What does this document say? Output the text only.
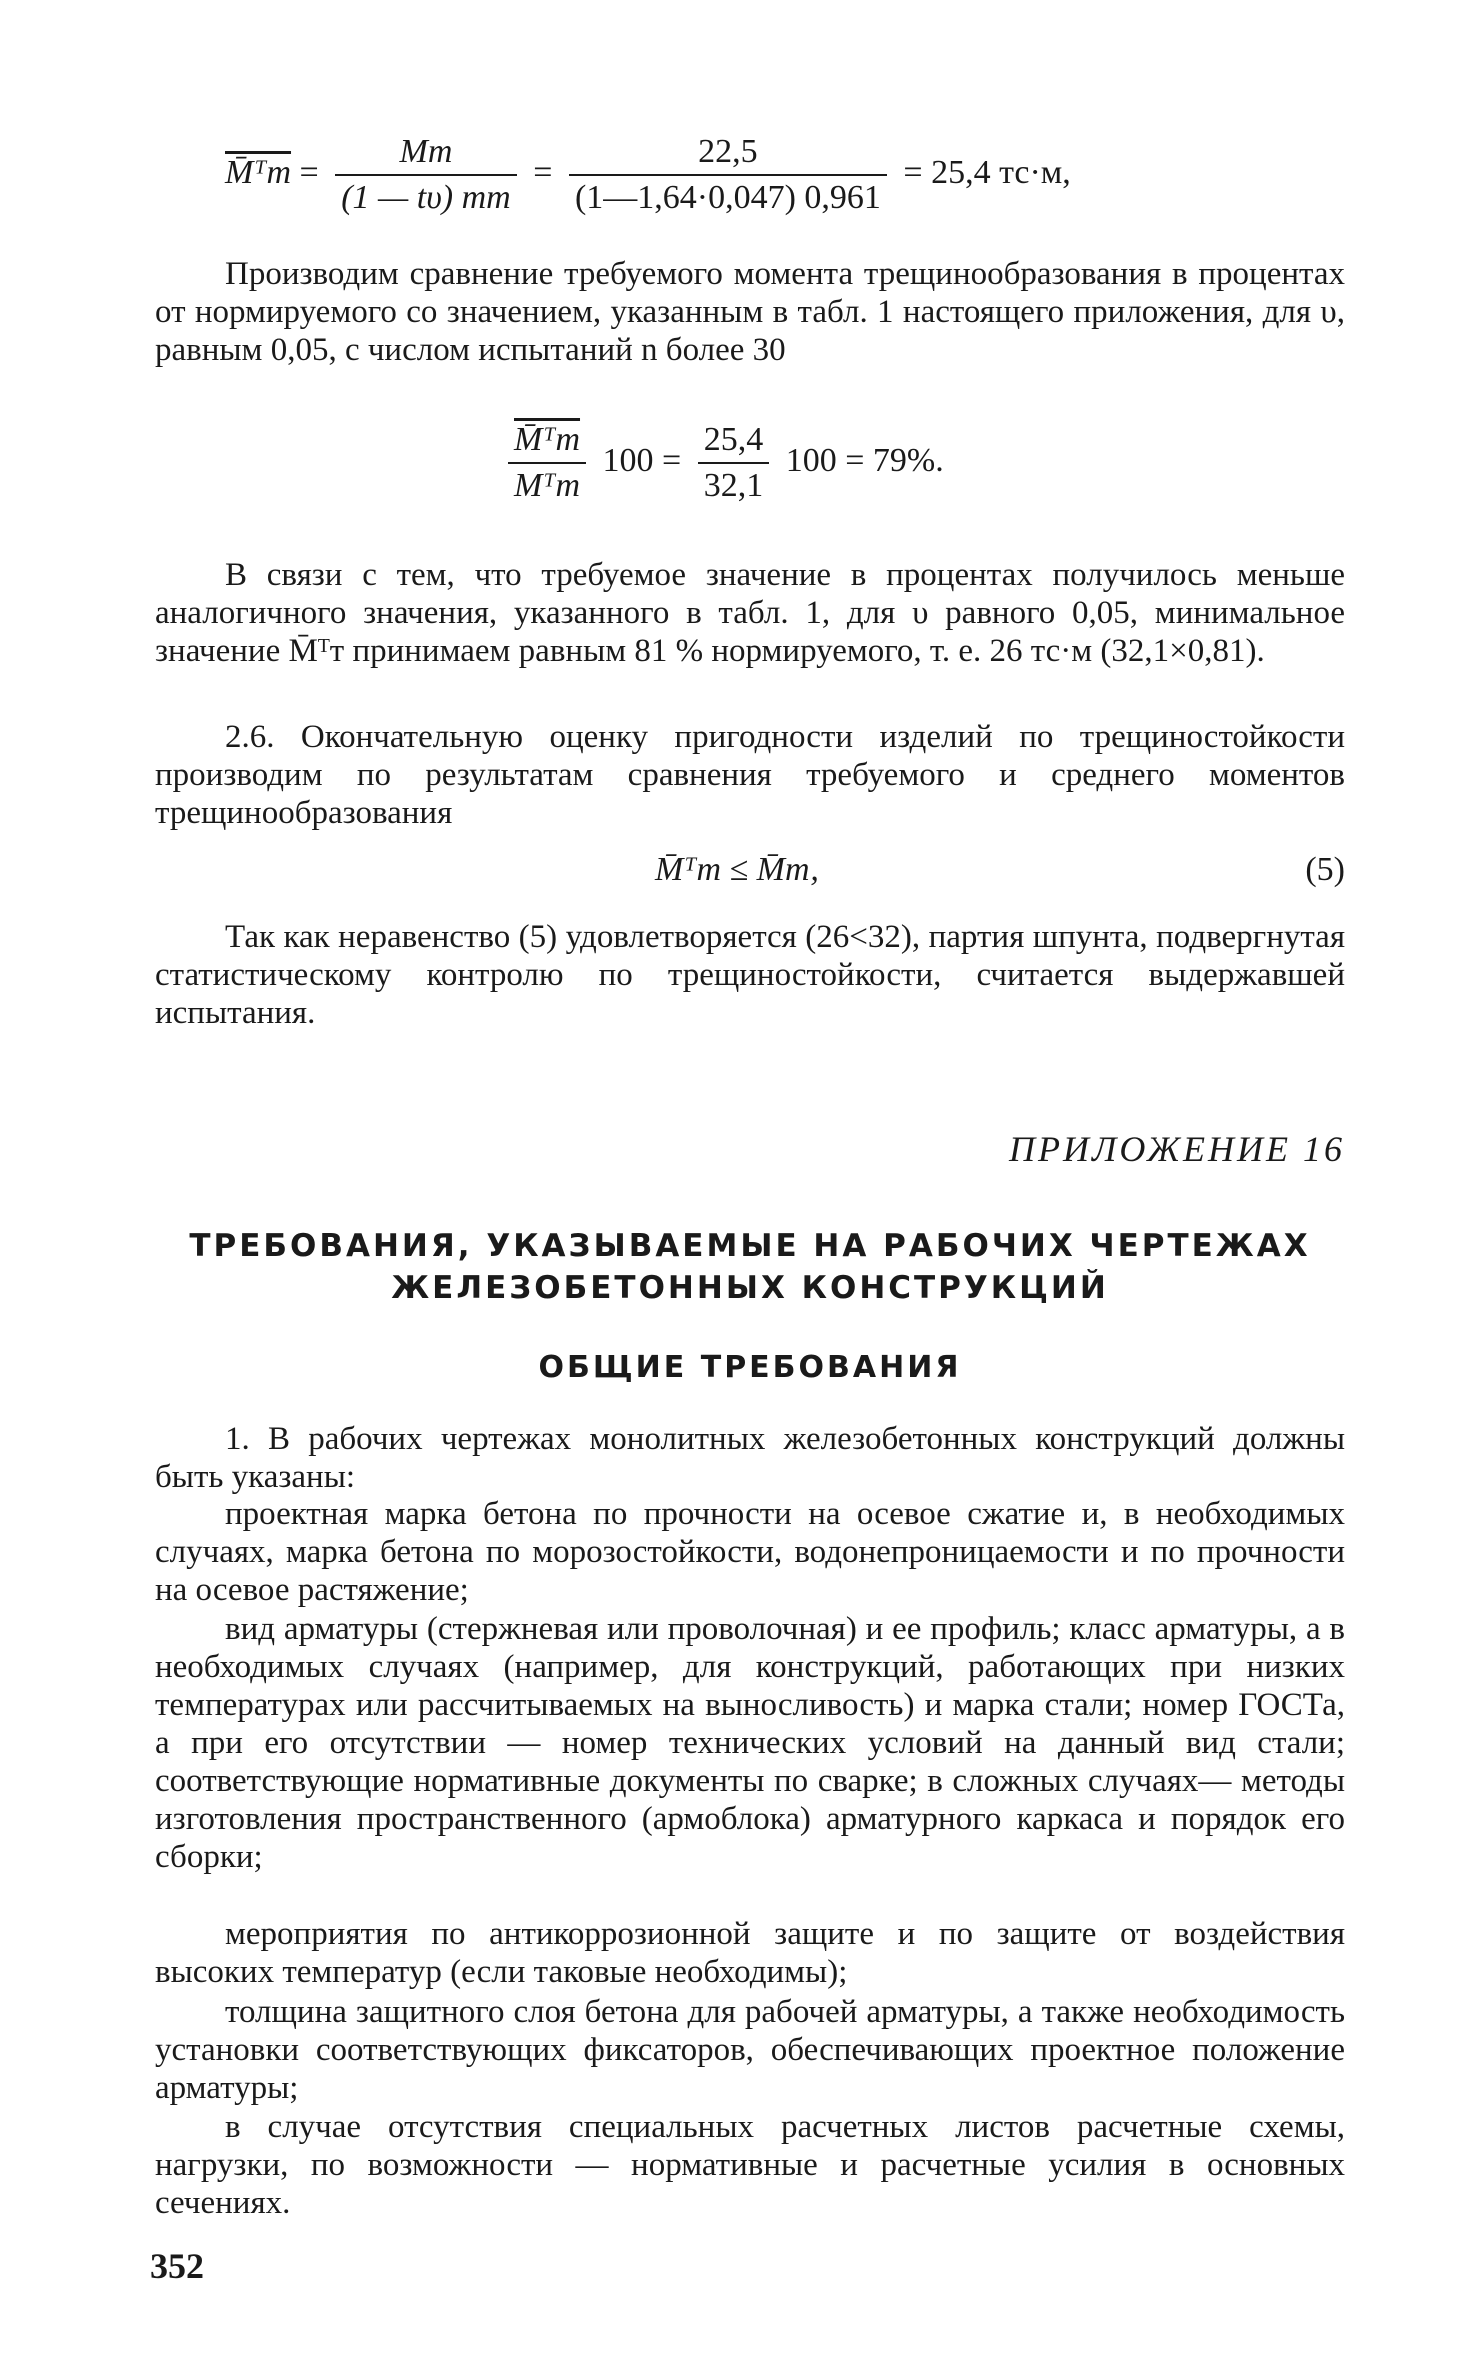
M̄ᵀт = $\frac{Mт}{(1 — t\upsilon) mт} = \frac{22,5}{(1—1,64\cdot 0,047) 0,961} = 25,4$ тс·м,

Производим сравнение требуемого момента трещинообразования в процентах от нормируемого со значением, указанным в табл. 1 настоящего приложения, для υ, равным 0,05, с числом испытаний n более 30

$\frac{\text{M̄ᵀт}}{\text{Mᵀт}} 100 = \frac{25,4}{32,1} 100 = 79\%$.

В связи с тем, что требуемое значение в процентах получилось меньше аналогичного значения, указанного в табл. 1, для υ равного 0,05, минимальное значение M̄ᵀт принимаем равным 81 % нормируемого, т. е. 26 тс·м (32,1×0,81).

2.6. Окончательную оценку пригодности изделий по трещиностойкости производим по результатам сравнения требуемого и среднего моментов трещинообразования

M̄ᵀт ≤ M̄т,	(5)

Так как неравенство (5) удовлетворяется (26<32), партия шпунта, подвергнутая статистическому контролю по трещиностойкости, считается выдержавшей испытания.

ПРИЛОЖЕНИЕ 16
ТРЕБОВАНИЯ, УКАЗЫВАЕМЫЕ НА РАБОЧИХ ЧЕРТЕЖАХ
ЖЕЛЕЗОБЕТОННЫХ КОНСТРУКЦИЙ
ОБЩИЕ ТРЕБОВАНИЯ

1. В рабочих чертежах монолитных железобетонных конструкций должны быть указаны:

проектная марка бетона по прочности на осевое сжатие и, в необходимых случаях, марка бетона по морозостойкости, водонепроницаемости и по прочности на осевое растяжение;

вид арматуры (стержневая или проволочная) и ее профиль; класс арматуры, а в необходимых случаях (например, для конструкций, работающих при низких температурах или рассчитываемых на выносливость) и марка стали; номер ГОСТа, а при его отсутствии — номер технических условий на данный вид стали; соответствующие нормативные документы по сварке; в сложных случаях— методы изготовления пространственного (армоблока) арматурного каркаса и порядок его сборки;

мероприятия по антикоррозионной защите и по защите от воздействия высоких температур (если таковые необходимы);

толщина защитного слоя бетона для рабочей арматуры, а также необходимость установки соответствующих фиксаторов, обеспечивающих проектное положение арматуры;

в случае отсутствия специальных расчетных листов расчетные схемы, нагрузки, по возможности — нормативные и расчетные усилия в основных сечениях.

352
